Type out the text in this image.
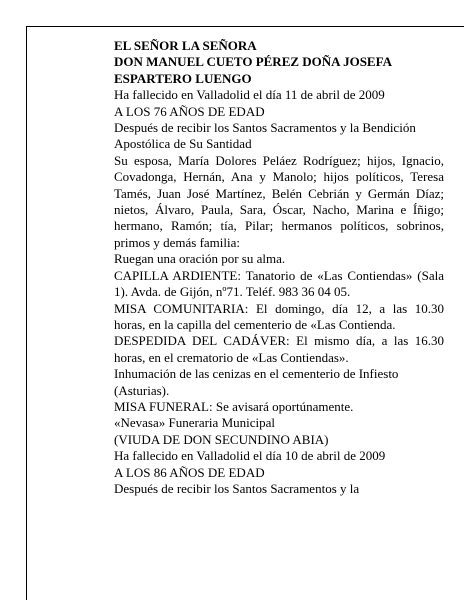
EL SEÑOR LA SEÑORA

DON MANUEL CUETO PÉREZ DOÑA JOSEFA ESPARTERO LUENGO

Ha fallecido en Valladolid el día 11 de abril de 2009

A LOS 76 AÑOS DE EDAD

Después de recibir los Santos Sacramentos y la Bendición Apostólica de Su Santidad

Su esposa, María Dolores Peláez Rodríguez; hijos, Ignacio, Covadonga, Hernán, Ana y Manolo; hijos políticos, Teresa Tamés, Juan José Martínez, Belén Cebrián y Germán Díaz; nietos, Álvaro, Paula, Sara, Óscar, Nacho, Marina e Íñigo; hermano, Ramón; tía, Pilar; hermanos políticos, sobrinos, primos y demás familia:

Ruegan una oración por su alma.

CAPILLA ARDIENTE: Tanatorio de «Las Contiendas» (Sala 1). Avda. de Gijón, nº71. Teléf. 983 36 04 05.

MISA COMUNITARIA: El domingo, día 12, a las 10.30 horas, en la capilla del cementerio de «Las Contienda.

DESPEDIDA DEL CADÁVER: El mismo día, a las 16.30 horas, en el crematorio de «Las Contiendas».

Inhumación de las cenizas en el cementerio de Infiesto (Asturias).

MISA FUNERAL: Se avisará oportúnamente.

«Nevasa» Funeraria Municipal

(VIUDA DE DON SECUNDINO ABIA)

Ha fallecido en Valladolid el día 10 de abril de 2009

A LOS 86 AÑOS DE EDAD

Después de recibir los Santos Sacramentos y la
